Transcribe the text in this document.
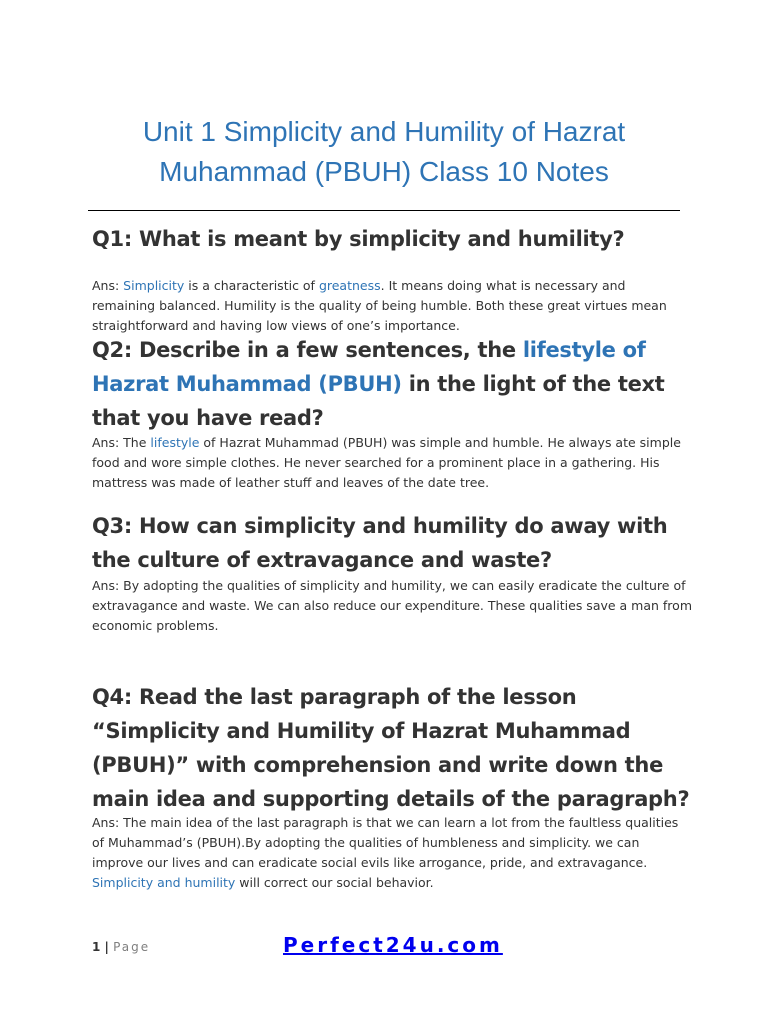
Unit 1 Simplicity and Humility of Hazrat
Muhammad (PBUH) Class 10 Notes
Q1: What is meant by simplicity and humility?
Ans: Simplicity is a characteristic of greatness. It means doing what is necessary and remaining balanced. Humility is the quality of being humble. Both these great virtues mean straightforward and having low views of one’s importance.
Q2: Describe in a few sentences, the lifestyle of Hazrat Muhammad (PBUH) in the light of the text that you have read?
Ans: The lifestyle of Hazrat Muhammad (PBUH) was simple and humble. He always ate simple food and wore simple clothes. He never searched for a prominent place in a gathering. His mattress was made of leather stuff and leaves of the date tree.
Q3: How can simplicity and humility do away with the culture of extravagance and waste?
Ans: By adopting the qualities of simplicity and humility, we can easily eradicate the culture of extravagance and waste. We can also reduce our expenditure. These qualities save a man from economic problems.
Q4: Read the last paragraph of the lesson “Simplicity and Humility of Hazrat Muhammad (PBUH)” with comprehension and write down the main idea and supporting details of the paragraph?
Ans: The main idea of the last paragraph is that we can learn a lot from the faultless qualities of Muhammad’s (PBUH).By adopting the qualities of humbleness and simplicity. we can improve our lives and can eradicate social evils like arrogance, pride, and extravagance. Simplicity and humility will correct our social behavior.
1 | Page	Perfect24u.com
